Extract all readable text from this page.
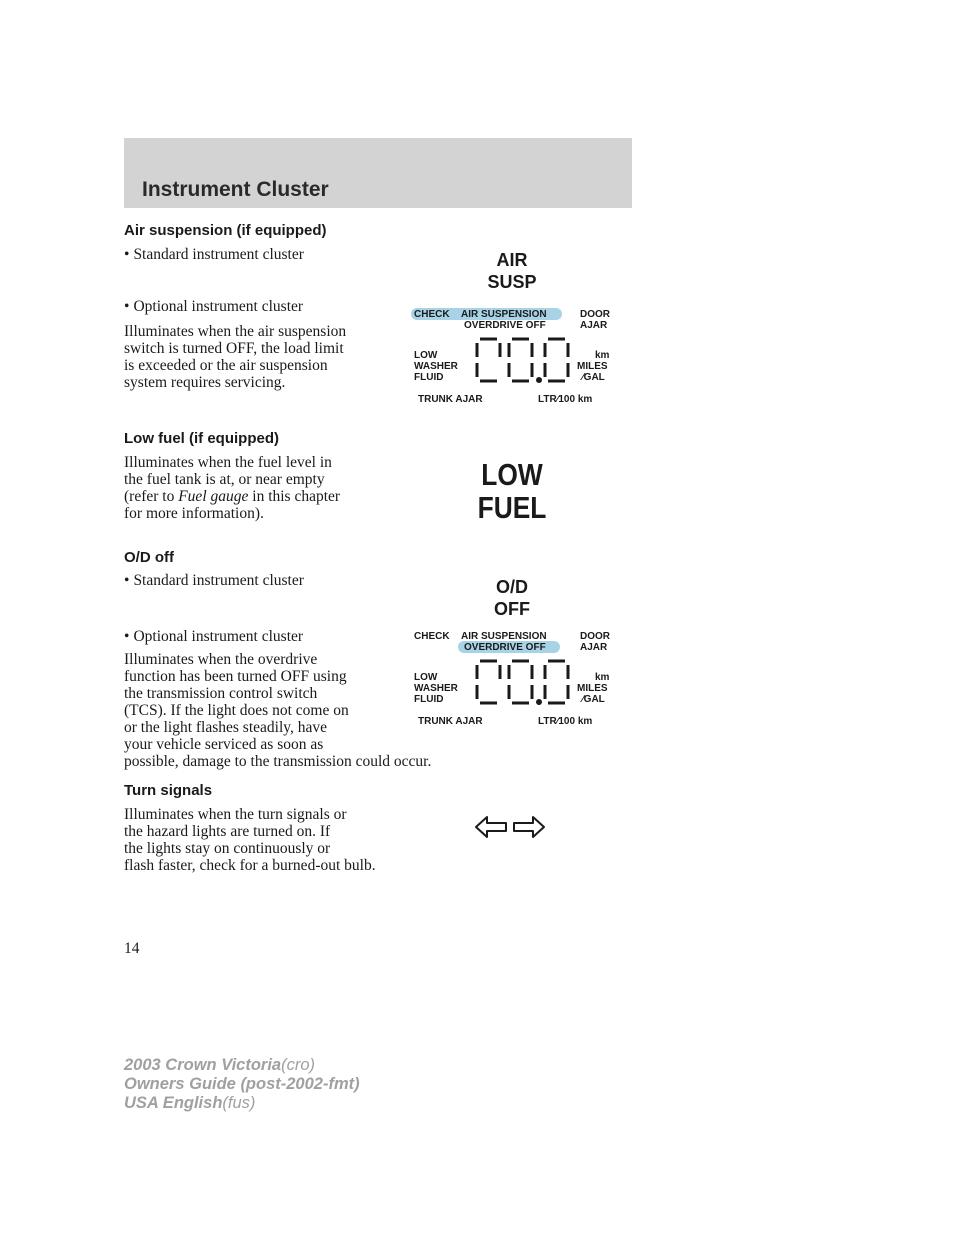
Instrument Cluster
Air suspension (if equipped)
• Standard instrument cluster
• Optional instrument cluster
Illuminates when the air suspension
switch is turned OFF, the load limit
is exceeded or the air suspension
system requires servicing.
AIR
SUSP
CHECK AIR SUSPENSION
OVERDRIVE OFF
DOOR
AJAR
LOW
WASHER
FLUID
km
MILES
∕GAL
TRUNK AJAR	LTR∕100 km
Low fuel (if equipped)
Illuminates when the fuel level in
the fuel tank is at, or near empty
(refer to Fuel gauge in this chapter
for more information).
LOW
FUEL
O/D off
• Standard instrument cluster
• Optional instrument cluster
Illuminates when the overdrive
function has been turned OFF using
the transmission control switch
(TCS). If the light does not come on
or the light flashes steadily, have
your vehicle serviced as soon as
possible, damage to the transmission could occur.
O/D
OFF
CHECK AIR SUSPENSION
OVERDRIVE OFF
DOOR
AJAR
LOW
WASHER
FLUID
km
MILES
∕GAL
TRUNK AJAR	LTR∕100 km
Turn signals
Illuminates when the turn signals or
the hazard lights are turned on. If
the lights stay on continuously or
flash faster, check for a burned-out bulb.
14
2003 Crown Victoria(cro)
Owners Guide (post-2002-fmt)
USA English(fus)
